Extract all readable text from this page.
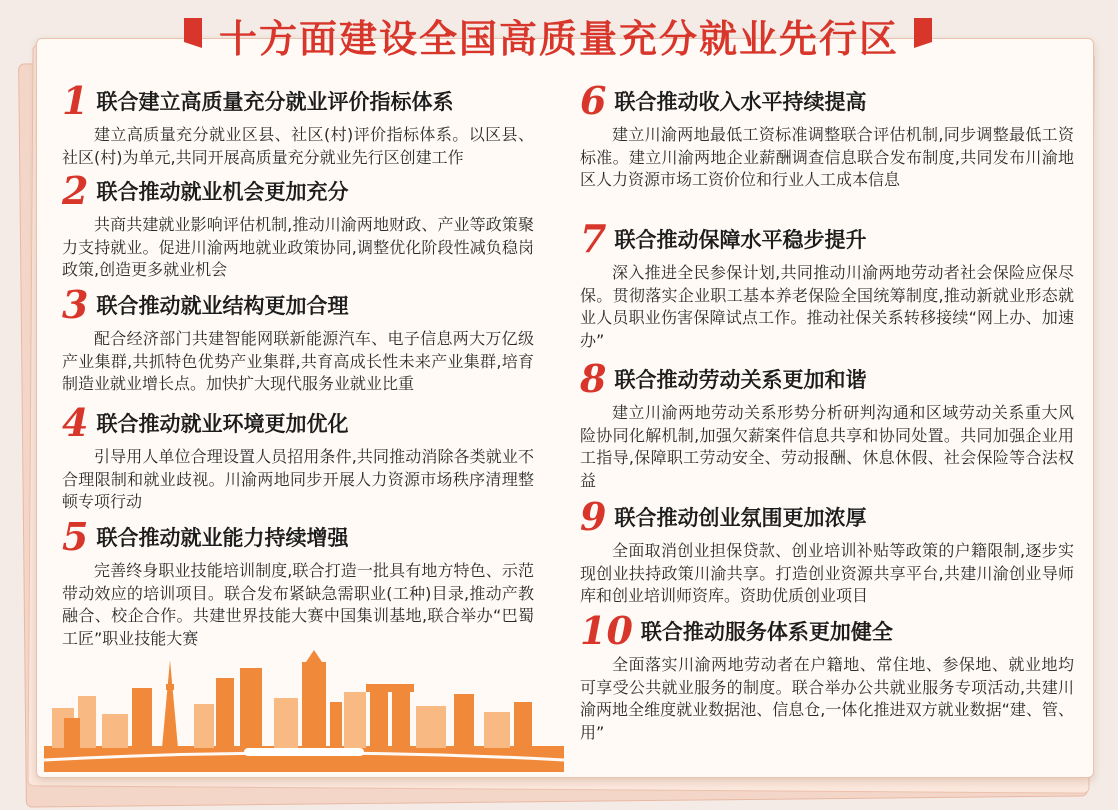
十方面建设全国高质量充分就业先行区
1 联合建立高质量充分就业评价指标体系
建立高质量充分就业区县、社区(村)评价指标体系。以区县、社区(村)为单元,共同开展高质量充分就业先行区创建工作
2 联合推动就业机会更加充分
共商共建就业影响评估机制,推动川渝两地财政、产业等政策聚力支持就业。促进川渝两地就业政策协同,调整优化阶段性减负稳岗政策,创造更多就业机会
3 联合推动就业结构更加合理
配合经济部门共建智能网联新能源汽车、电子信息两大万亿级产业集群,共抓特色优势产业集群,共育高成长性未来产业集群,培育制造业就业增长点。加快扩大现代服务业就业比重
4 联合推动就业环境更加优化
引导用人单位合理设置人员招用条件,共同推动消除各类就业不合理限制和就业歧视。川渝两地同步开展人力资源市场秩序清理整顿专项行动
5 联合推动就业能力持续增强
完善终身职业技能培训制度,联合打造一批具有地方特色、示范带动效应的培训项目。联合发布紧缺急需职业(工种)目录,推动产教融合、校企合作。共建世界技能大赛中国集训基地,联合举办“巴蜀工匠”职业技能大赛
6 联合推动收入水平持续提高
建立川渝两地最低工资标准调整联合评估机制,同步调整最低工资标准。建立川渝两地企业薪酬调查信息联合发布制度,共同发布川渝地区人力资源市场工资价位和行业人工成本信息
7 联合推动保障水平稳步提升
深入推进全民参保计划,共同推动川渝两地劳动者社会保险应保尽保。贯彻落实企业职工基本养老保险全国统筹制度,推动新就业形态就业人员职业伤害保障试点工作。推动社保关系转移接续“网上办、加速办”
8 联合推动劳动关系更加和谐
建立川渝两地劳动关系形势分析研判沟通和区域劳动关系重大风险协同化解机制,加强欠薪案件信息共享和协同处置。共同加强企业用工指导,保障职工劳动安全、劳动报酬、休息休假、社会保险等合法权益
9 联合推动创业氛围更加浓厚
全面取消创业担保贷款、创业培训补贴等政策的户籍限制,逐步实现创业扶持政策川渝共享。打造创业资源共享平台,共建川渝创业导师库和创业培训师资库。资助优质创业项目
10 联合推动服务体系更加健全
全面落实川渝两地劳动者在户籍地、常住地、参保地、就业地均可享受公共就业服务的制度。联合举办公共就业服务专项活动,共建川渝两地全维度就业数据池、信息仓,一体化推进双方就业数据“建、管、用”
